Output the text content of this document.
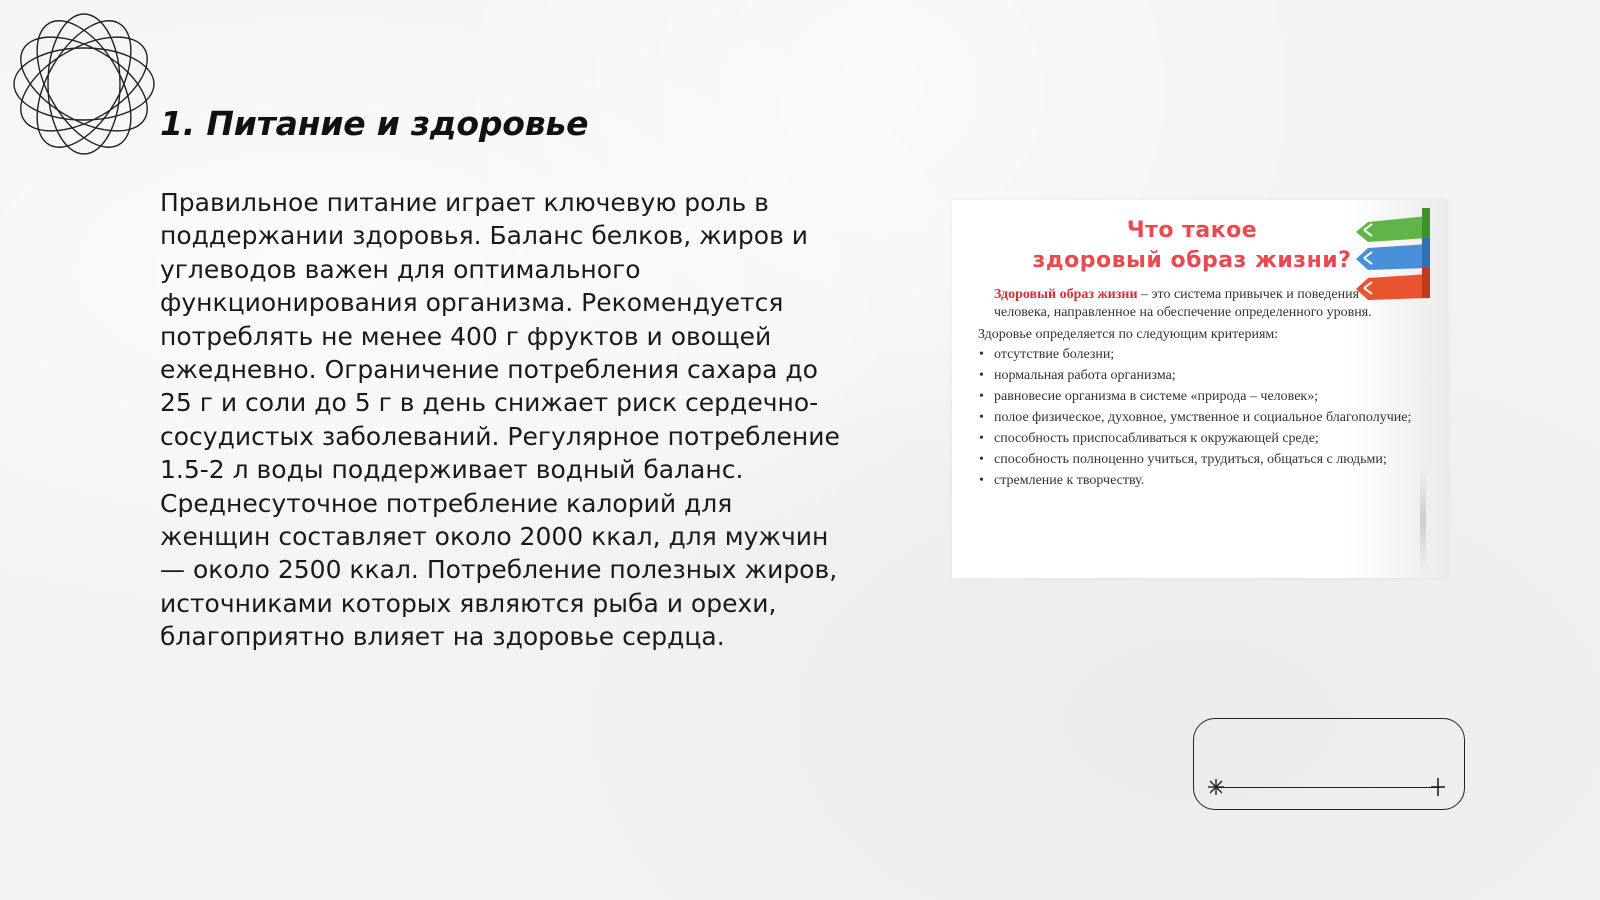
1. Питание и здоровье

Правильное питание играет ключевую роль в поддержании здоровья. Баланс белков, жиров и углеводов важен для оптимального функционирования организма. Рекомендуется потреблять не менее 400 г фруктов и овощей ежедневно. Ограничение потребления сахара до 25 г и соли до 5 г в день снижает риск сердечно-сосудистых заболеваний. Регулярное потребление 1.5-2 л воды поддерживает водный баланс. Среднесуточное потребление калорий для женщин составляет около 2000 ккал, для мужчин — около 2500 ккал. Потребление полезных жиров, источниками которых являются рыба и орехи, благоприятно влияет на здоровье сердца.

Что такое
здоровый образ жизни?

Здоровый образ жизни – это система привычек и поведения человека, направленное на обеспечение определенного уровня.

Здоровье определяется по следующим критериям:

• отсутствие болезни;
• нормальная работа организма;
• равновесие организма в системе «природа – человек»;
• полое физическое, духовное, умственное и социальное благополучие;
• способность приспосабливаться к окружающей среде;
• способность полноценно учиться, трудиться, общаться с людьми;
• стремление к творчеству.
